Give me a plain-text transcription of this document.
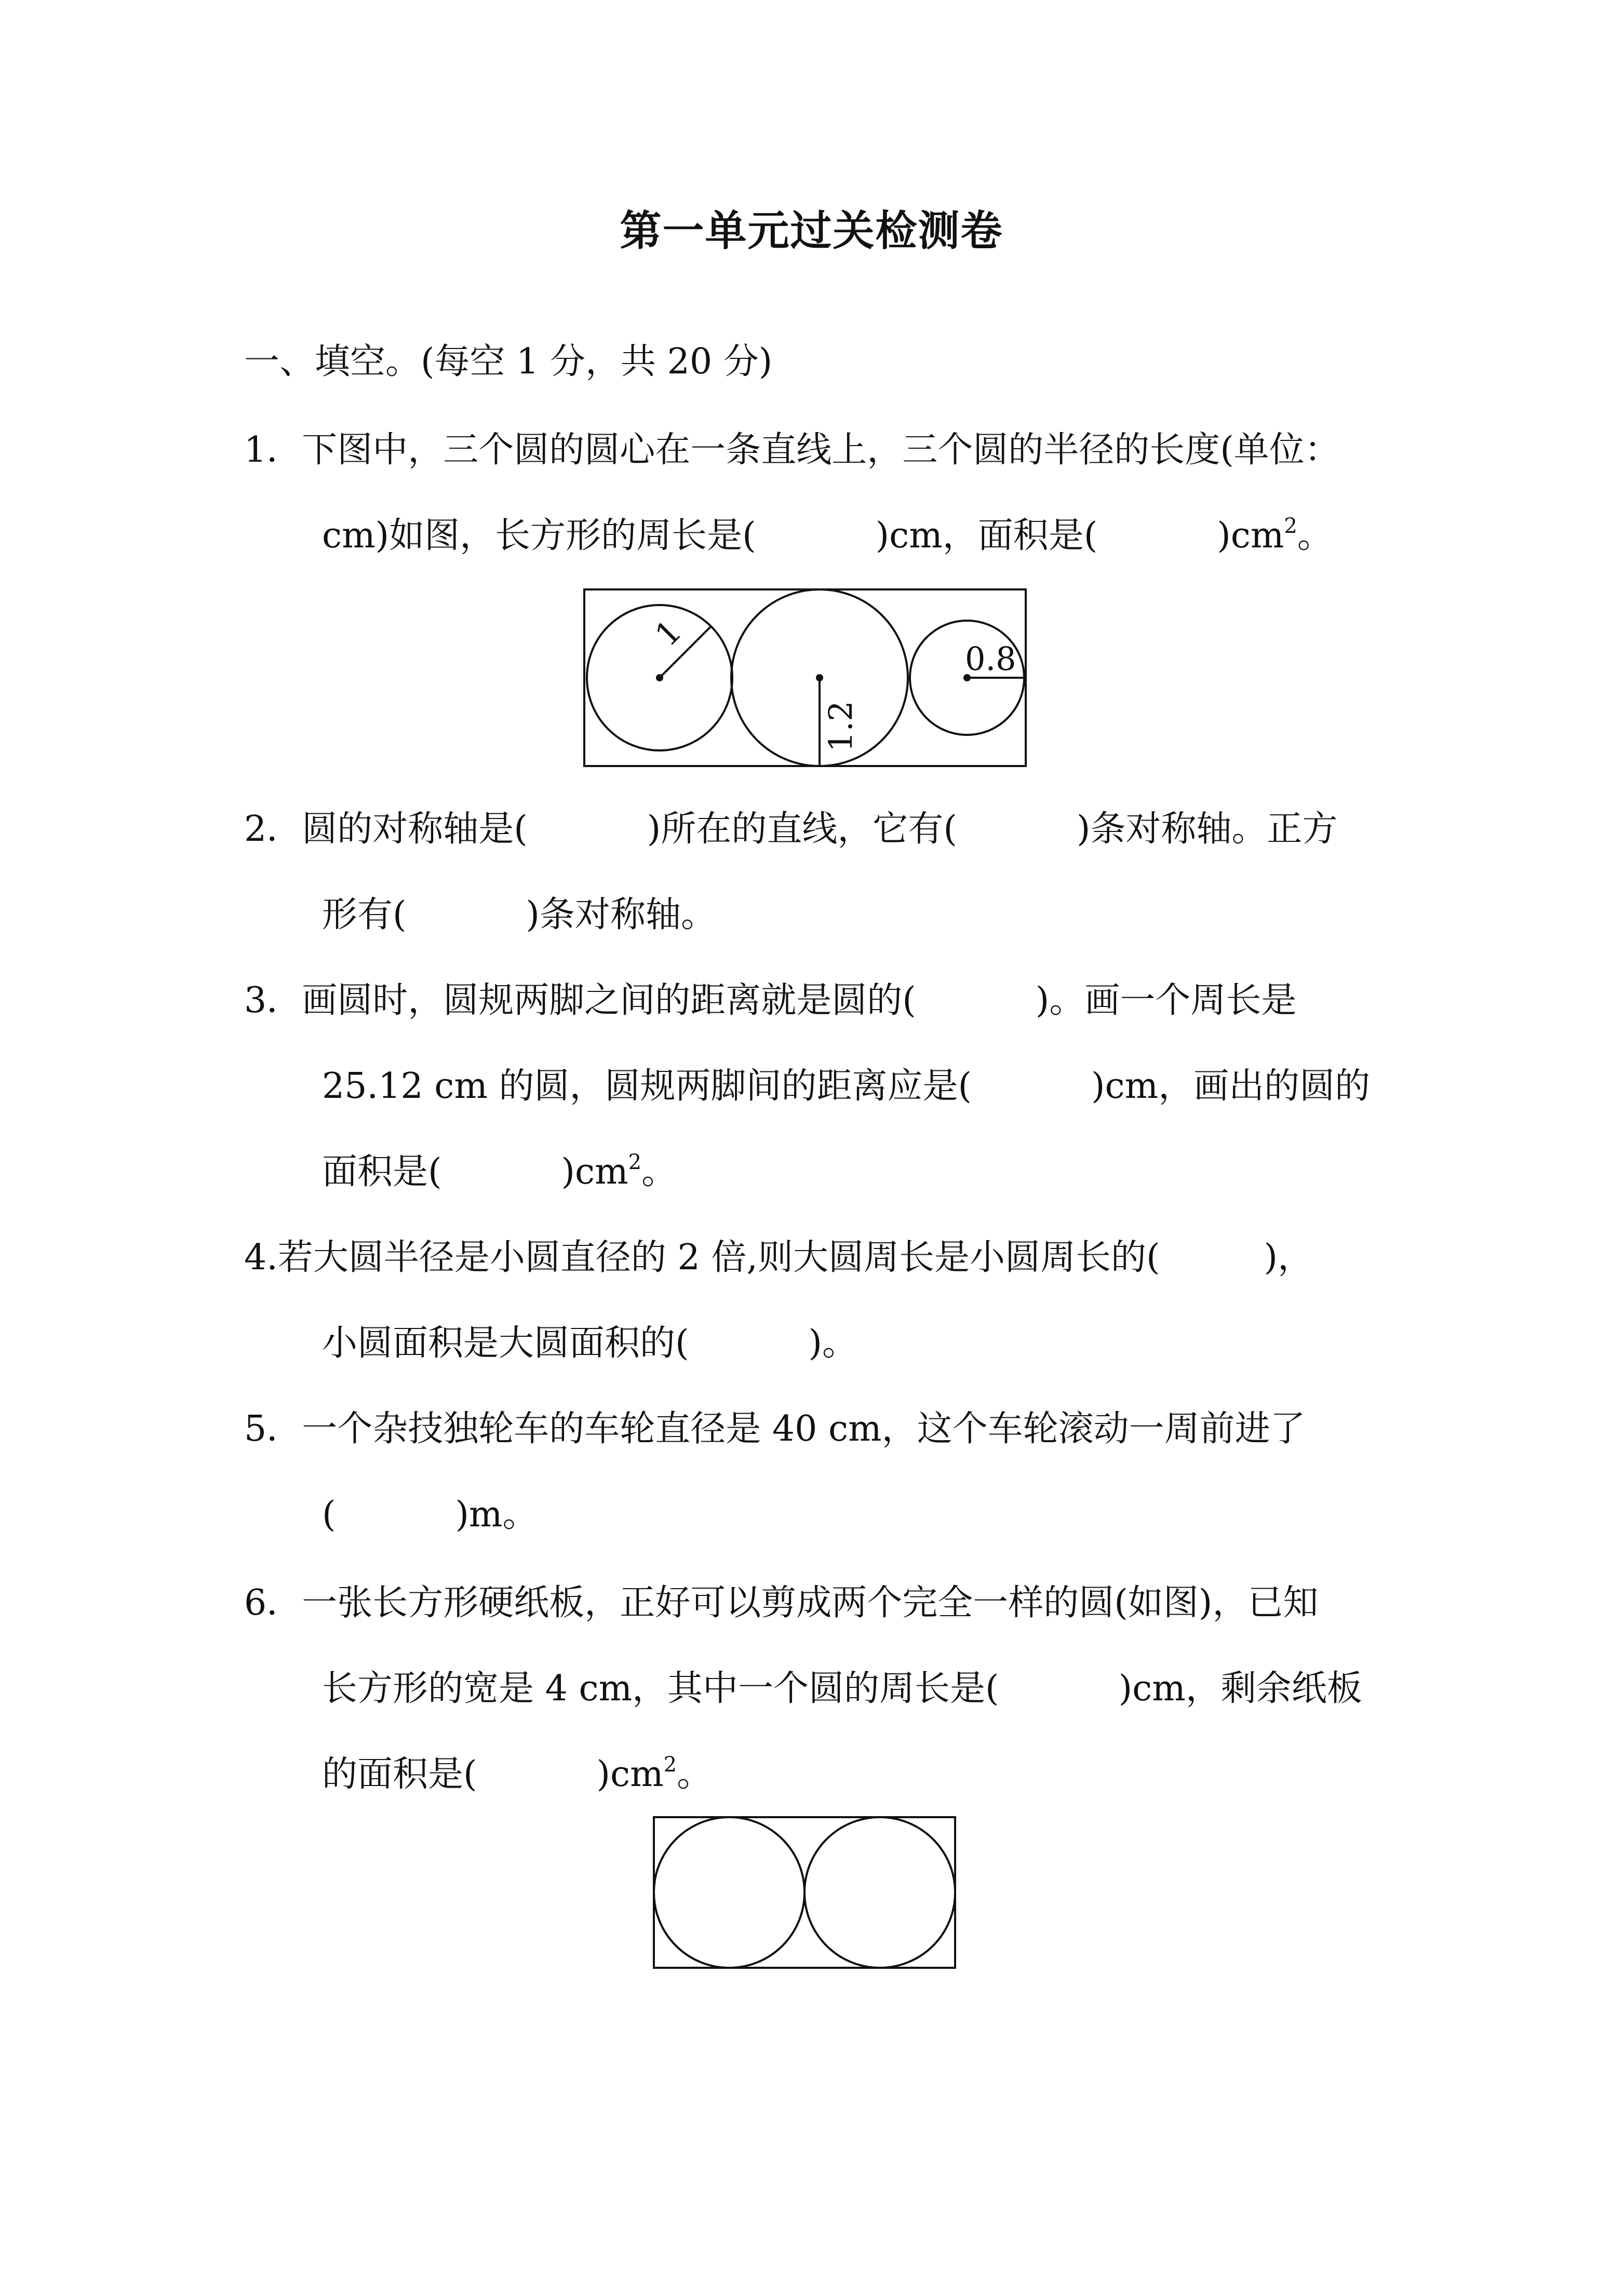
第一单元过关检测卷
一、填空。(每空 1 分，共 20 分)
1．下图中，三个圆的圆心在一条直线上，三个圆的半径的长度(单位：
cm)如图，长方形的周长是(	)cm，面积是(	)$cm^2$。
1
1.2
0.8
2．圆的对称轴是(	)所在的直线，它有(	)条对称轴。正方
形有(	)条对称轴。
3．画圆时，圆规两脚之间的距离就是圆的(	)。画一个周长是
25.12 cm 的圆，圆规两脚间的距离应是(	)cm，画出的圆的
面积是(	)$cm^2$。
4.若大圆半径是小圆直径的 2 倍,则大圆周长是小圆周长的(	)，
小圆面积是大圆面积的(	)。
5．一个杂技独轮车的车轮直径是 40 cm，这个车轮滚动一周前进了
(	)m。
6．一张长方形硬纸板，正好可以剪成两个完全一样的圆(如图)，已知
长方形的宽是 4 cm，其中一个圆的周长是(	)cm，剩余纸板
的面积是(	)$cm^2$。
